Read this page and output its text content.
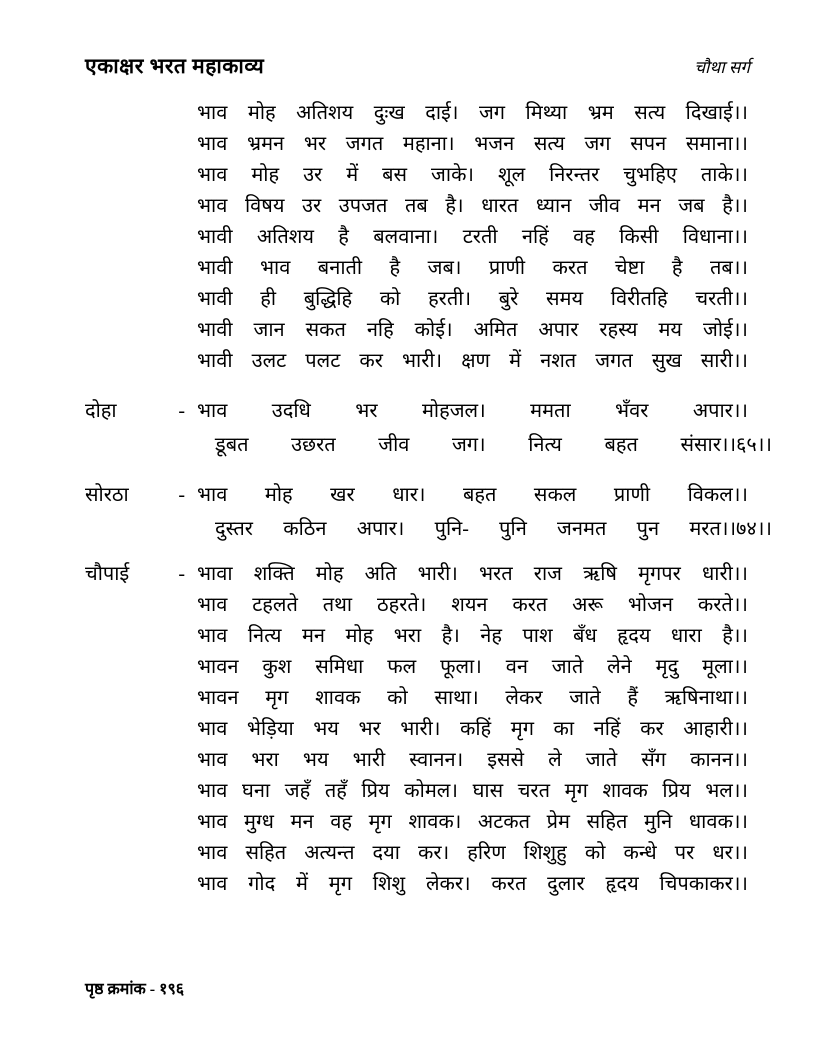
एकाक्षर भरत महाकाव्य	चौथा सर्ग
भाव मोह अतिशय दुःख दाई। जग मिथ्या भ्रम सत्य दिखाई।।
भाव भ्रमन भर जगत महाना। भजन सत्य जग सपन समाना।।
भाव मोह उर में बस जाके। शूल निरन्तर चुभहिए ताके।।
भाव विषय उर उपजत तब है। धारत ध्यान जीव मन जब है।।
भावी अतिशय है बलवाना। टरती नहिं वह किसी विधाना।।
भावी भाव बनाती है जब। प्राणी करत चेष्टा है तब।।
भावी ही बुद्धिहि को हरती। बुरे समय विरीतहि चरती।।
भावी जान सकत नहि कोई। अमित अपार रहस्य मय जोई।।
भावी उलट पलट कर भारी। क्षण में नशत जगत सुख सारी।।
दोहा	- भाव उदधि भर मोहजल। ममता भँवर अपार।।
डूबत उछरत जीव जग। नित्य बहत संसार।।६५।।
सोरठा - भाव मोह खर धार। बहत सकल प्राणी विकल।।
दुस्तर कठिन अपार। पुनि- पुनि जनमत पुन मरत।।७४।।
चौपाई - भावा शक्ति मोह अति भारी। भरत राज ऋषि मृगपर धारी।।
भाव टहलते तथा ठहरते। शयन करत अरू भोजन करते।।
भाव नित्य मन मोह भरा है। नेह पाश बँध हृदय धारा है।।
भावन कुश समिधा फल फूला। वन जाते लेने मृदु मूला।।
भावन मृग शावक को साथा। लेकर जाते हैं ऋषिनाथा।।
भाव भेड़िया भय भर भारी। कहिं मृग का नहिं कर आहारी।।
भाव भरा भय भारी स्वानन। इससे ले जाते सँग कानन।।
भाव घना जहँ तहँ प्रिय कोमल। घास चरत मृग शावक प्रिय भल।।
भाव मुग्ध मन वह मृग शावक। अटकत प्रेम सहित मुनि धावक।।
भाव सहित अत्यन्त दया कर। हरिण शिशुहु को कन्धे पर धर।।
भाव गोद में मृग शिशु लेकर। करत दुलार हृदय चिपकाकर।।
पृष्ठ क्रमांक - १९६
